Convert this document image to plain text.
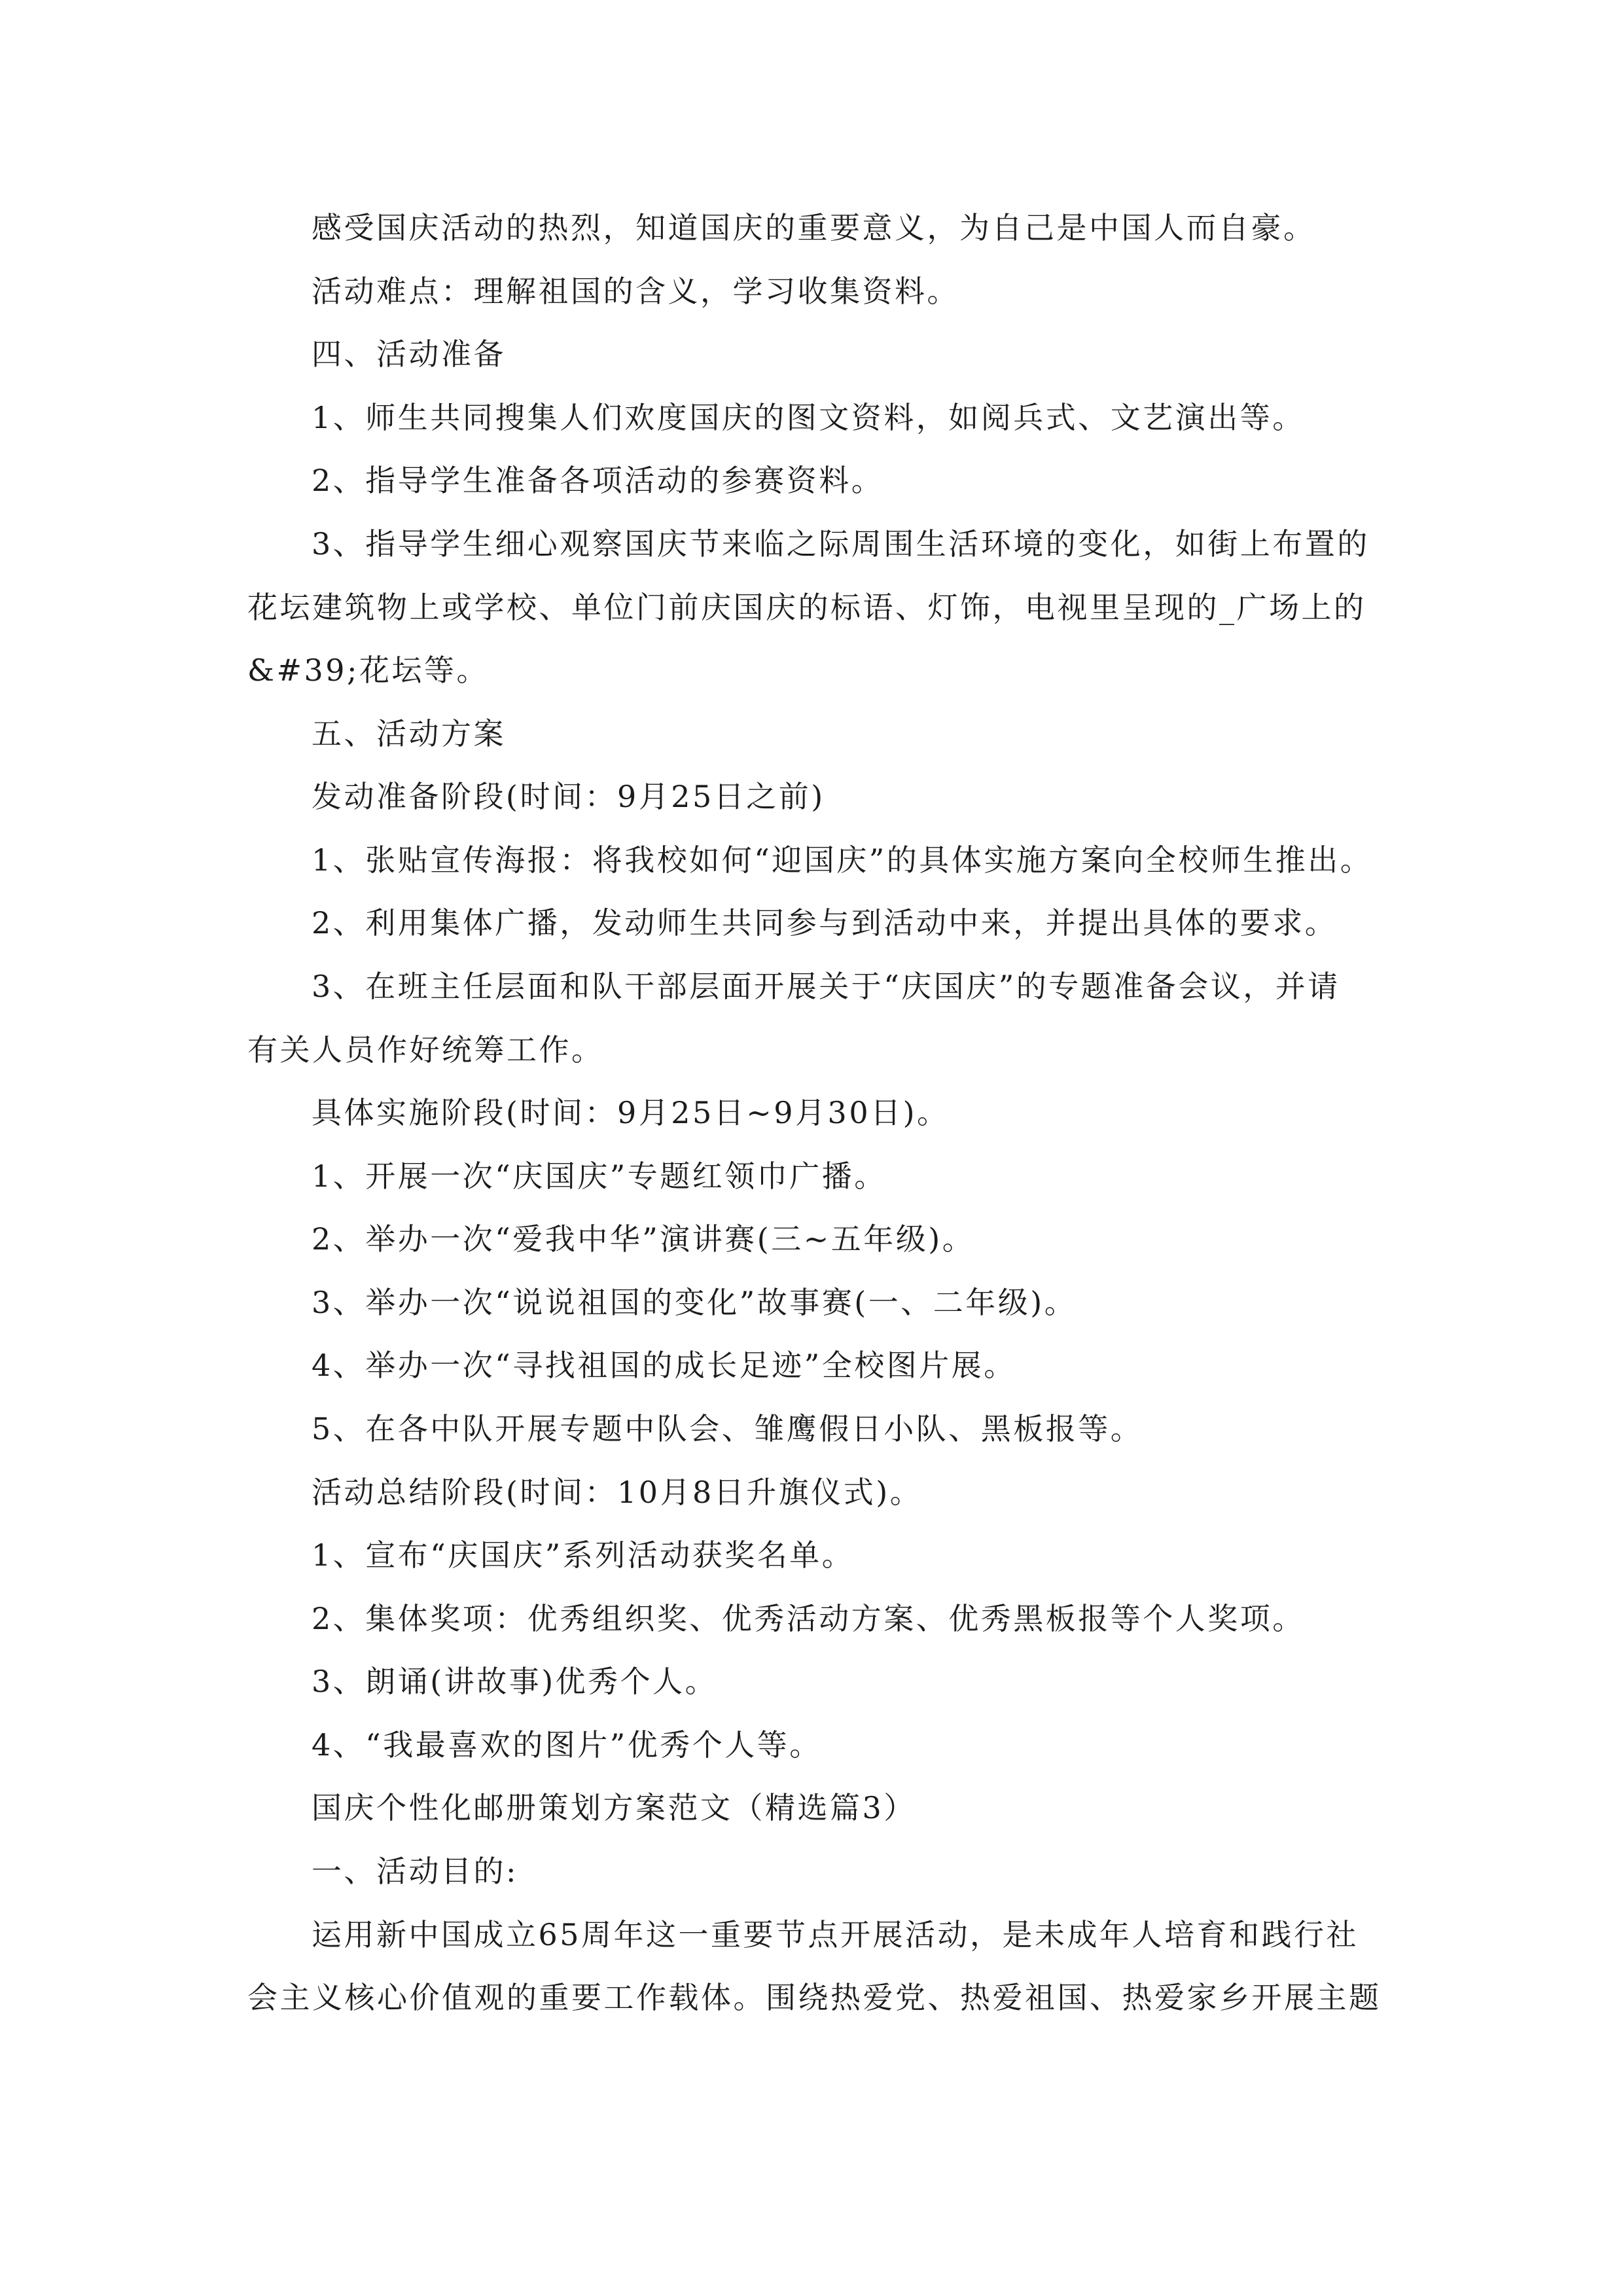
感受国庆活动的热烈，知道国庆的重要意义，为自己是中国人而自豪。
活动难点：理解祖国的含义，学习收集资料。
四、活动准备
1、师生共同搜集人们欢度国庆的图文资料，如阅兵式、文艺演出等。
2、指导学生准备各项活动的参赛资料。
3、指导学生细心观察国庆节来临之际周围生活环境的变化，如街上布置的
花坛建筑物上或学校、单位门前庆国庆的标语、灯饰，电视里呈现的_广场上的
&#39;花坛等。
五、活动方案
发动准备阶段(时间：9月25日之前)
1、张贴宣传海报：将我校如何“迎国庆”的具体实施方案向全校师生推出。
2、利用集体广播，发动师生共同参与到活动中来，并提出具体的要求。
3、在班主任层面和队干部层面开展关于“庆国庆”的专题准备会议，并请
有关人员作好统筹工作。
具体实施阶段(时间：9月25日~9月30日)。
1、开展一次“庆国庆”专题红领巾广播。
2、举办一次“爱我中华”演讲赛(三~五年级)。
3、举办一次“说说祖国的变化”故事赛(一、二年级)。
4、举办一次“寻找祖国的成长足迹”全校图片展。
5、在各中队开展专题中队会、雏鹰假日小队、黑板报等。
活动总结阶段(时间：10月8日升旗仪式)。
1、宣布“庆国庆”系列活动获奖名单。
2、集体奖项：优秀组织奖、优秀活动方案、优秀黑板报等个人奖项。
3、朗诵(讲故事)优秀个人。
4、“我最喜欢的图片”优秀个人等。
国庆个性化邮册策划方案范文（精选篇3）
一、活动目的:
运用新中国成立65周年这一重要节点开展活动，是未成年人培育和践行社
会主义核心价值观的重要工作载体。围绕热爱党、热爱祖国、热爱家乡开展主题
